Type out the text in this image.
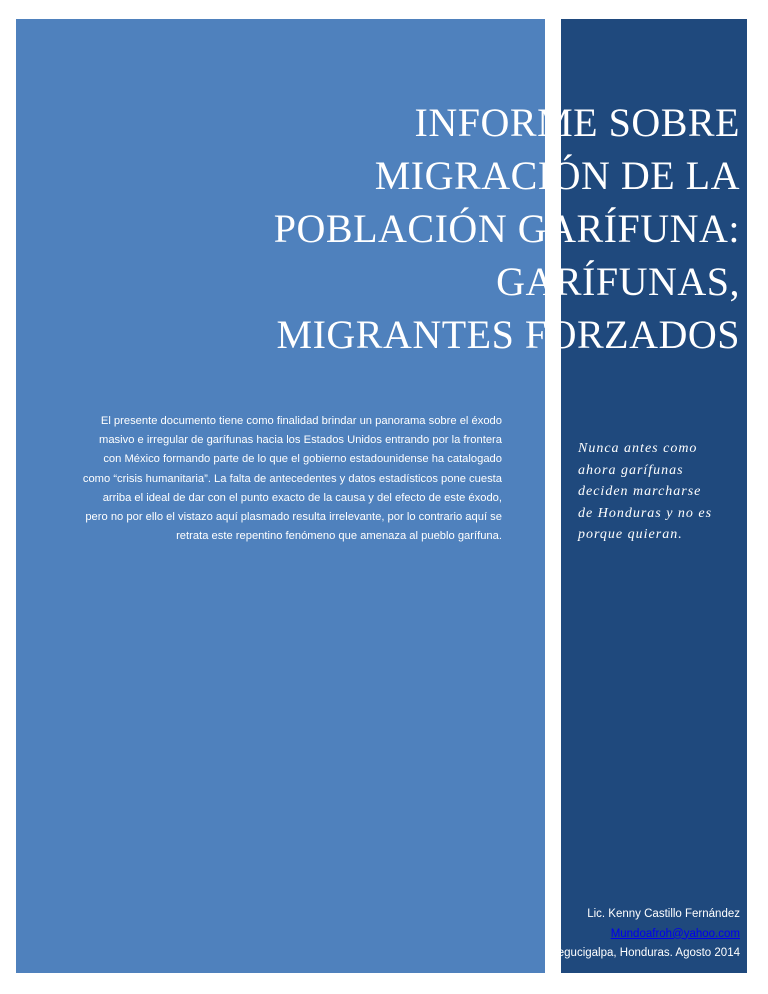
INFORME SOBRE
MIGRACIÓN DE LA
POBLACIÓN GARÍFUNA:
GARÍFUNAS,
MIGRANTES FORZADOS

El presente documento tiene como finalidad brindar un panorama sobre el éxodo masivo e irregular de garífunas hacia los Estados Unidos entrando por la frontera con México formando parte de lo que el gobierno estadounidense ha catalogado como “crisis humanitaria”. La falta de antecedentes y datos estadísticos pone cuesta arriba el ideal de dar con el punto exacto de la causa y del efecto de este éxodo, pero no por ello el vistazo aquí plasmado resulta irrelevante, por lo contrario aquí se retrata este repentino fenómeno que amenaza al pueblo garífuna.

Lic. Kenny Castillo Fernández
Mundoafroh@yahoo.com
Tegucigalpa, Honduras. Agosto 2014

Nunca antes como
ahora garífunas
deciden marcharse
de Honduras y no es
porque quieran.
